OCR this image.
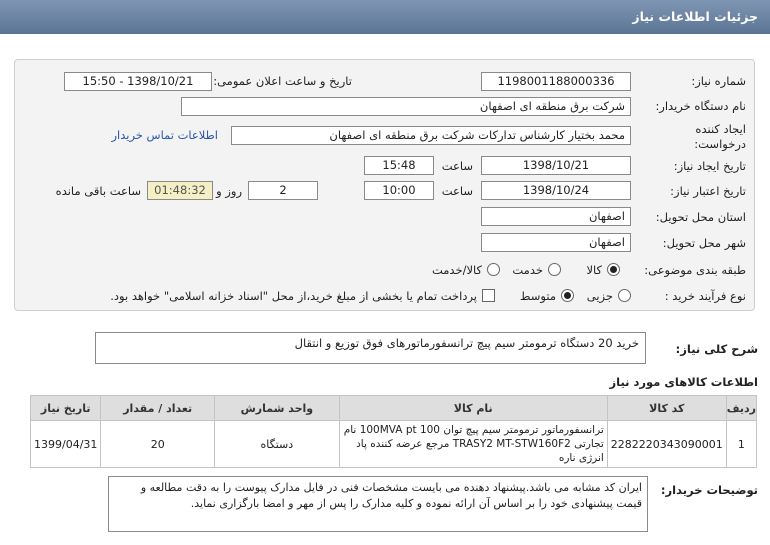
جزئیات اطلاعات نیاز
شماره نیاز:
1198001188000336
تاریخ و ساعت اعلان عمومی:
1398/10/21 - 15:50
نام دستگاه خریدار:
شرکت برق منطقه ای اصفهان
ایجاد کننده درخواست:
محمد بختیار کارشناس تدارکات شرکت برق منطقه ای اصفهان
اطلاعات تماس خریدار
تاریخ ایجاد نیاز:
1398/10/21
ساعت
15:48
تاریخ اعتبار نیاز:
1398/10/24
ساعت
10:00
2
روز و
01:48:32
ساعت باقی مانده
استان محل تحویل:
اصفهان
شهر محل تحویل:
اصفهان
طبقه بندی موضوعی:
کالا
خدمت
کالا/خدمت
نوع فرآیند خرید :
جزیی
متوسط
پرداخت تمام یا بخشی از مبلغ خرید،از محل "اسناد خزانه اسلامی" خواهد بود.
شرح کلی نیاز:
خرید 20 دستگاه ترمومتر سیم پیچ ترانسفورماتورهای فوق توزیع و انتقال
اطلاعات کالاهای مورد نیاز
ردیف	کد کالا	نام کالا	واحد شمارش	تعداد / مقدار	تاریخ نیاز
1	2282220343090001	ترانسفورماتور ترمومتر سیم پیچ توان 100MVA pt 100 نام تجارتی TRASY2 MT-STW160F2 مرجع عرضه کننده پاد انرژی ناره	دستگاه	20	1399/04/31
توضیحات خریدار:
ایران کد مشابه می باشد.پیشنهاد دهنده می بایست مشخصات فنی در فایل مدارک پیوست را به دقت مطالعه و قیمت پیشنهادی خود را بر اساس آن ارائه نموده و کلیه مدارک را پس از مهر و امضا بارگزاری نماید.
